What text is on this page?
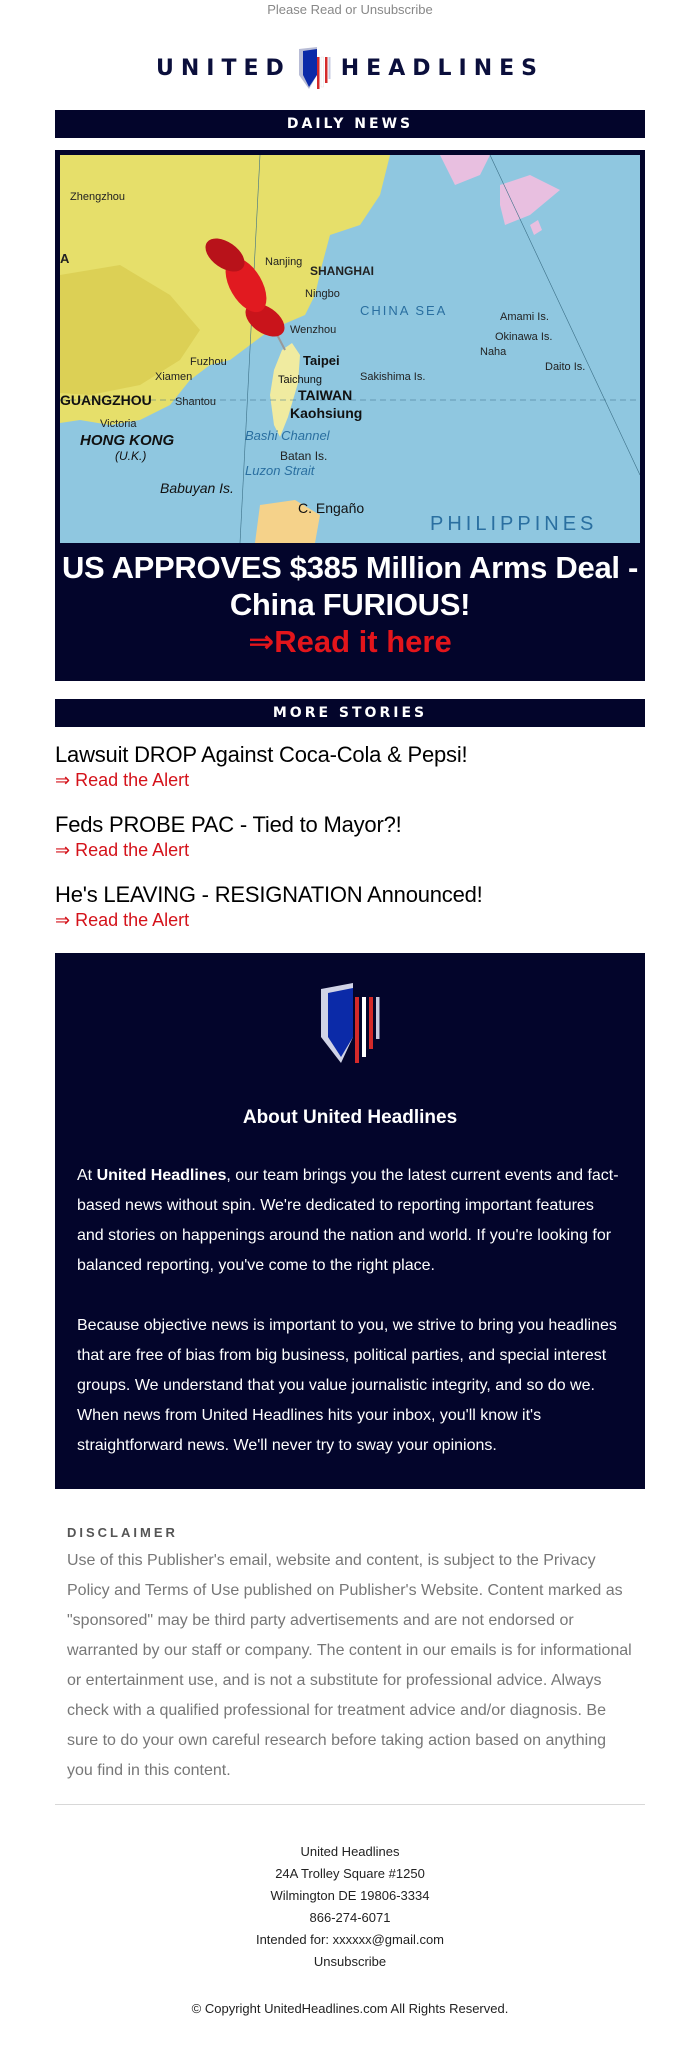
Please Read or Unsubscribe
UNITED HEADLINES
DAILY NEWS
Zhengzhou
A	Nanjing
SHANGHAI
Ningbo
Wenzhou
Fuzhou
Xiamen
GUANGZHOU Shantou
Victoria
HONG KONG
(U.K.)
Taipei
Taichung
TAIWAN
Kaohsiung
Sakishima Is.
CHINA SEA	Amami Is.
Okinawa Is.
Naha
Daito Is.
Bashi Channel
Batan Is.
Luzon Strait
Babuyan Is.
C. Engaño
PHILIPPINES
US APPROVES $385 Million Arms Deal - China FURIOUS!
⇒Read it here
MORE STORIES
Lawsuit DROP Against Coca-Cola & Pepsi!
⇒ Read the Alert
Feds PROBE PAC - Tied to Mayor?!
⇒ Read the Alert
He's LEAVING - RESIGNATION Announced!
⇒ Read the Alert
About United Headlines

At United Headlines, our team brings you the latest current events and fact-based news without spin. We're dedicated to reporting important features and stories on happenings around the nation and world. If you're looking for balanced reporting, you've come to the right place.

Because objective news is important to you, we strive to bring you headlines that are free of bias from big business, political parties, and special interest groups. We understand that you value journalistic integrity, and so do we. When news from United Headlines hits your inbox, you'll know it's straightforward news. We'll never try to sway your opinions.

DISCLAIMER
Use of this Publisher's email, website and content, is subject to the Privacy Policy and Terms of Use published on Publisher's Website. Content marked as "sponsored" may be third party advertisements and are not endorsed or warranted by our staff or company. The content in our emails is for informational or entertainment use, and is not a substitute for professional advice. Always check with a qualified professional for treatment advice and/or diagnosis. Be sure to do your own careful research before taking action based on anything you find in this content.
United Headlines
24A Trolley Square #1250
Wilmington DE 19806-3334
866-274-6071
Intended for: xxxxxx@gmail.com
Unsubscribe
© Copyright UnitedHeadlines.com All Rights Reserved.
